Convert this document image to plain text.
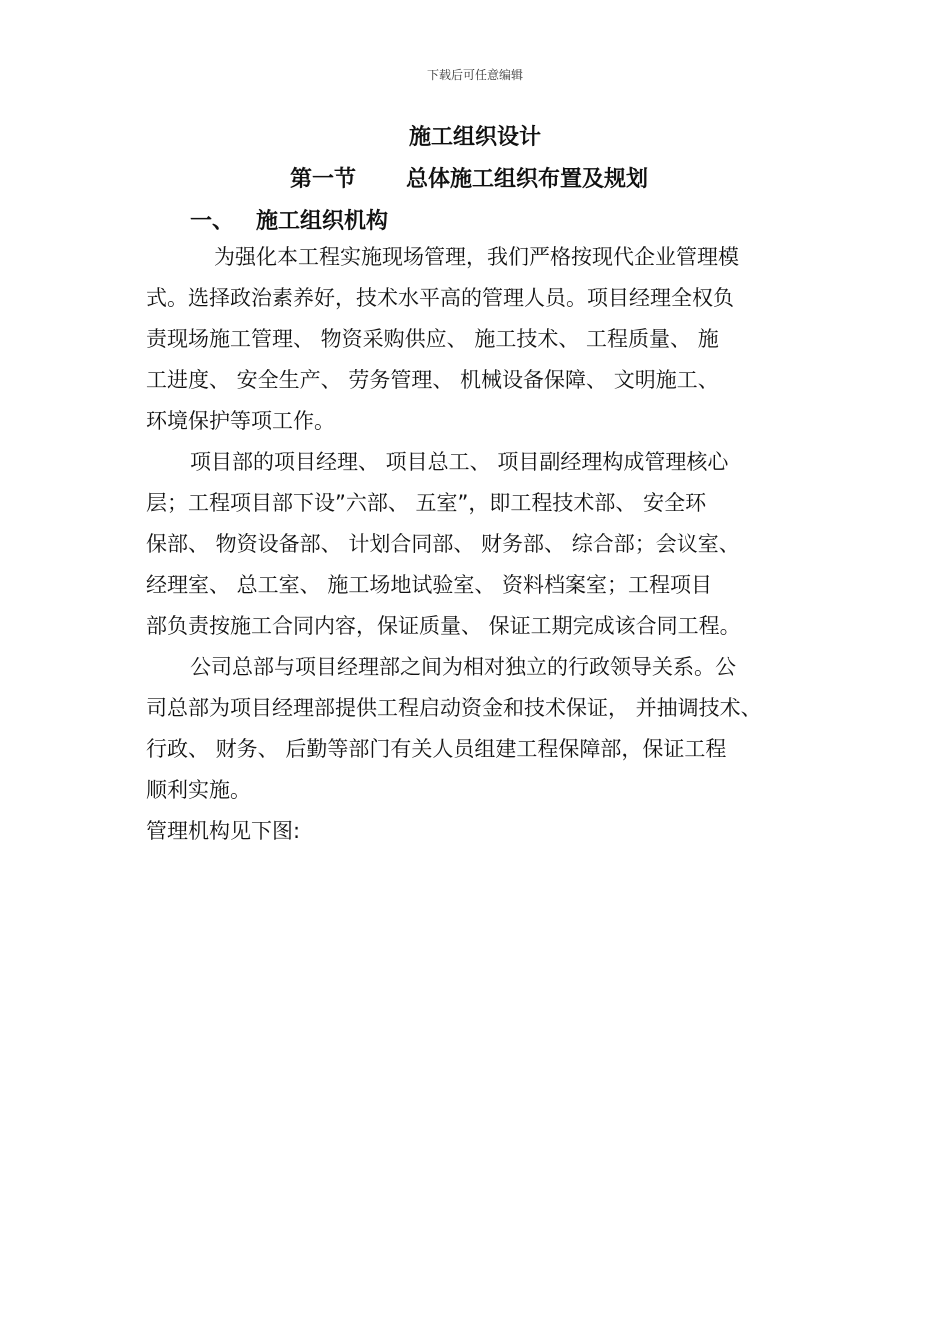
下载后可任意编辑
施工组织设计
第一节 总体施工组织布置及规划
一、 施工组织机构
为强化本工程实施现场管理，我们严格按现代企业管理模
式。选择政治素养好，技术水平高的管理人员。项目经理全权负
责现场施工管理、 物资采购供应、 施工技术、 工程质量、 施
工进度、 安全生产、 劳务管理、 机械设备保障、 文明施工、
环境保护等项工作。
项目部的项目经理、 项目总工、 项目副经理构成管理核心
层；工程项目部下设”六部、 五室”，即工程技术部、 安全环
保部、 物资设备部、 计划合同部、 财务部、 综合部；会议室、
经理室、 总工室、 施工场地试验室、 资料档案室；工程项目
部负责按施工合同内容，保证质量、 保证工期完成该合同工程。
公司总部与项目经理部之间为相对独立的行政领导关系。公
司总部为项目经理部提供工程启动资金和技术保证， 并抽调技术、
行政、 财务、 后勤等部门有关人员组建工程保障部，保证工程
顺利实施。
管理机构见下图:
